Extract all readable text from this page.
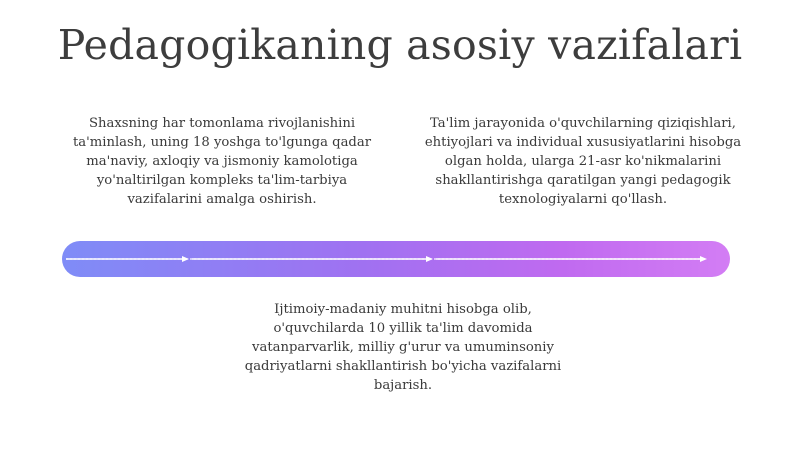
Pedagogikaning asosiy vazifalari
Shaxsning har tomonlama rivojlanishini ta'minlash, uning 18 yoshga to'lgunga qadar ma'naviy, axloqiy va jismoniy kamolotiga yo'naltirilgan kompleks ta'lim-tarbiya vazifalarini amalga oshirish.
Ta'lim jarayonida o'quvchilarning qiziqishlari, ehtiyojlari va individual xususiyatlarini hisobga olgan holda, ularga 21-asr ko'nikmalarini shakllantirishga qaratilgan yangi pedagogik texnologiyalarni qo'llash.
Ijtimoiy-madaniy muhitni hisobga olib, o'quvchilarda 10 yillik ta'lim davomida vatanparvarlik, milliy g'urur va umuminsoniy qadriyatlarni shakllantirish bo'yicha vazifalarni bajarish.
